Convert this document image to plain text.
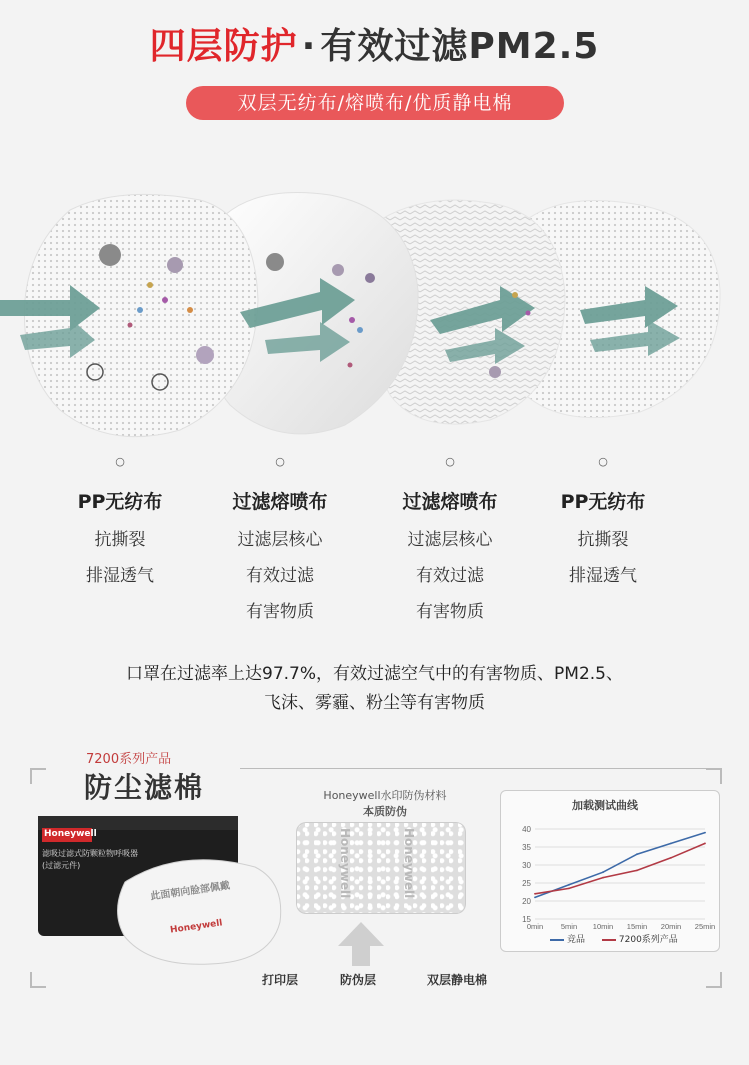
四层防护 · 有效过滤PM2.5
双层无纺布/熔喷布/优质静电棉
○
PP无纺布
抗撕裂
排湿透气
○
过滤熔喷布
过滤层核心
有效过滤
有害物质
○
过滤熔喷布
过滤层核心
有效过滤
有害物质
○
PP无纺布
抗撕裂
排湿透气
口罩在过滤率上达97.7%，有效过滤空气中的有害物质、PM2.5、
飞沫、雾霾、粉尘等有害物质
7200系列产品
防尘滤棉
Honeywell
滤吸过滤式防颗粒物呼吸器
(过滤元件)
此面朝向脸部佩戴
Honeywell
Honeywell水印防伪材料
本质防伪
Honeywell	Honeywell
打印层	防伪层	双层静电棉
加载测试曲线
15
20
25
30
35
40
0min 5min 10min 15min 20min 25min
竞品	7200系列产品
